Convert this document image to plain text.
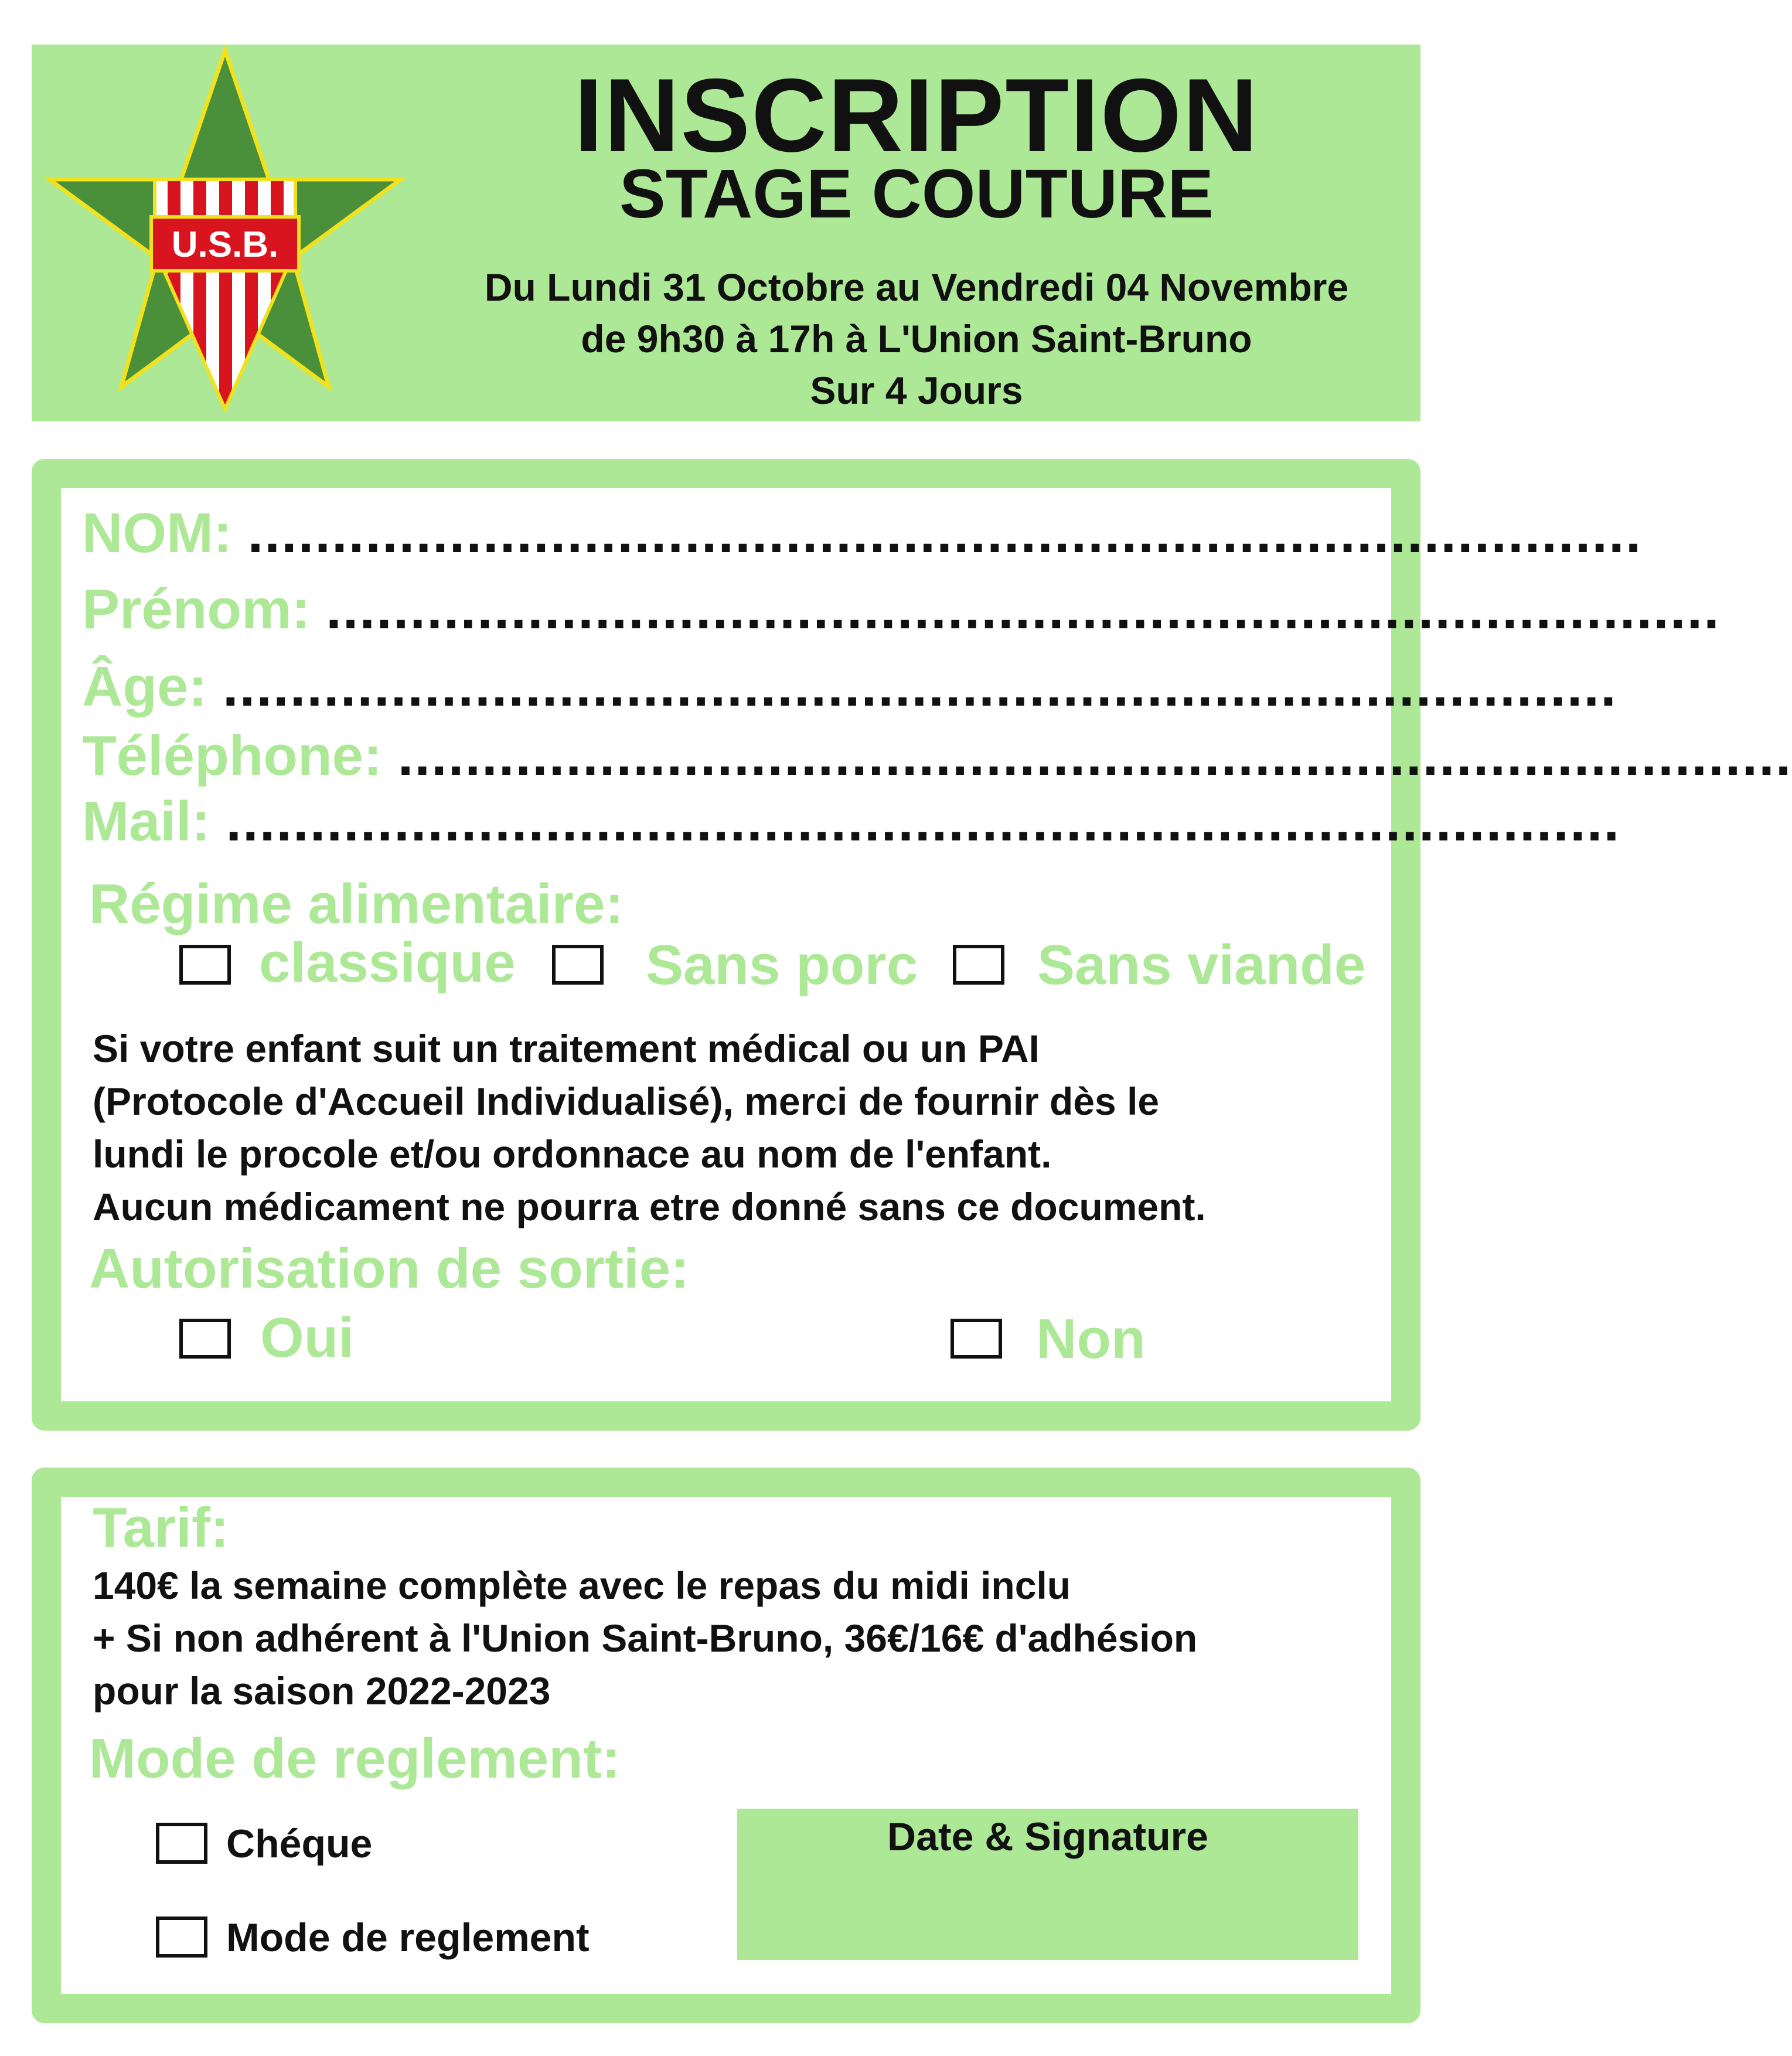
U.S.B.
INSCRIPTION
STAGE COUTURE
Du Lundi 31 Octobre au Vendredi 04 Novembre
de 9h30 à 17h à L'Union Saint-Bruno
Sur 4 Jours
NOM: ...................................................................................
Prénom: ...................................................................................
Âge: ...................................................................................
Téléphone: ...................................................................................
Mail: ...................................................................................
Régime alimentaire:
classique Sans porc Sans viande
Si votre enfant suit un traitement médical ou un PAI
(Protocole d'Accueil Individualisé), merci de fournir dès le
lundi le procole et/ou ordonnace au nom de l'enfant.
Aucun médicament ne pourra etre donné sans ce document.
Autorisation de sortie:
Oui	Non
Tarif:
140€ la semaine complète avec le repas du midi inclu
+ Si non adhérent à l'Union Saint-Bruno, 36€/16€ d'adhésion
pour la saison 2022-2023
Mode de reglement:
Chéque
Mode de reglement
Date & Signature
